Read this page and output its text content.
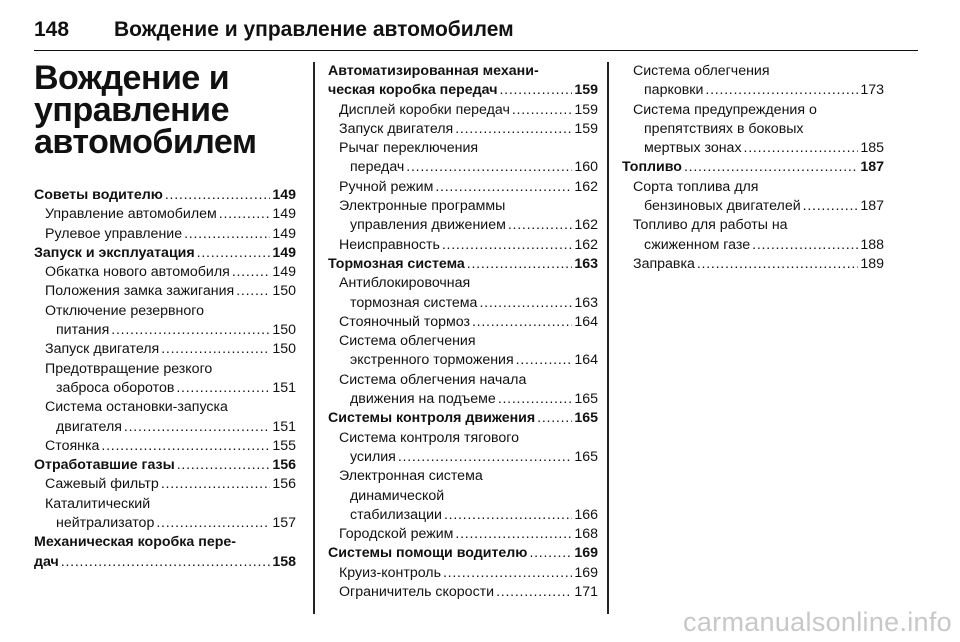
148	Вождение и управление автомобилем
Вождение и
управление
автомобилем
Советы водителю . . .	149
Управление автомобилем . . .	149
Рулевое управление . . .	149
Запуск и эксплуатация . . .	149
Обкатка нового автомобиля . . .	149
Положения замка зажигания . . .	150
Отключение резервного
питания . . .	150
Запуск двигателя . . .	150
Предотвращение резкого
заброса оборотов . . .	151
Система остановки-запуска
двигателя . . .	151
Стоянка . . .	155
Отработавшие газы . . .	156
Сажевый фильтр . . .	156
Каталитический
нейтрализатор . . .	157
Механическая коробка пере-
дач . . .	158
Автоматизированная механи-
ческая коробка передач . . .	159
Дисплей коробки передач . . .	159
Запуск двигателя . . .	159
Рычаг переключения
передач . . .	160
Ручной режим . . .	162
Электронные программы
управления движением . . .	162
Неисправность . . .	162
Тормозная система . . .	163
Антиблокировочная
тормозная система . . .	163
Стояночный тормоз . . .	164
Система облегчения
экстренного торможения . . .	164
Система облегчения начала
движения на подъеме . . .	165
Системы контроля движения . . .	165
Система контроля тягового
усилия . . .	165
Электронная система
динамической
стабилизации . . .	166
Городской режим . . .	168
Системы помощи водителю . . .	169
Круиз-контроль . . .	169
Ограничитель скорости . . .	171
Система облегчения
парковки . . .	173
Система предупреждения о
препятствиях в боковых
мертвых зонах . . .	185
Топливо . . .	187
Сорта топлива для
бензиновых двигателей . . .	187
Топливо для работы на
сжиженном газе . . .	188
Заправка . . .	189
carmanualsonline.info
